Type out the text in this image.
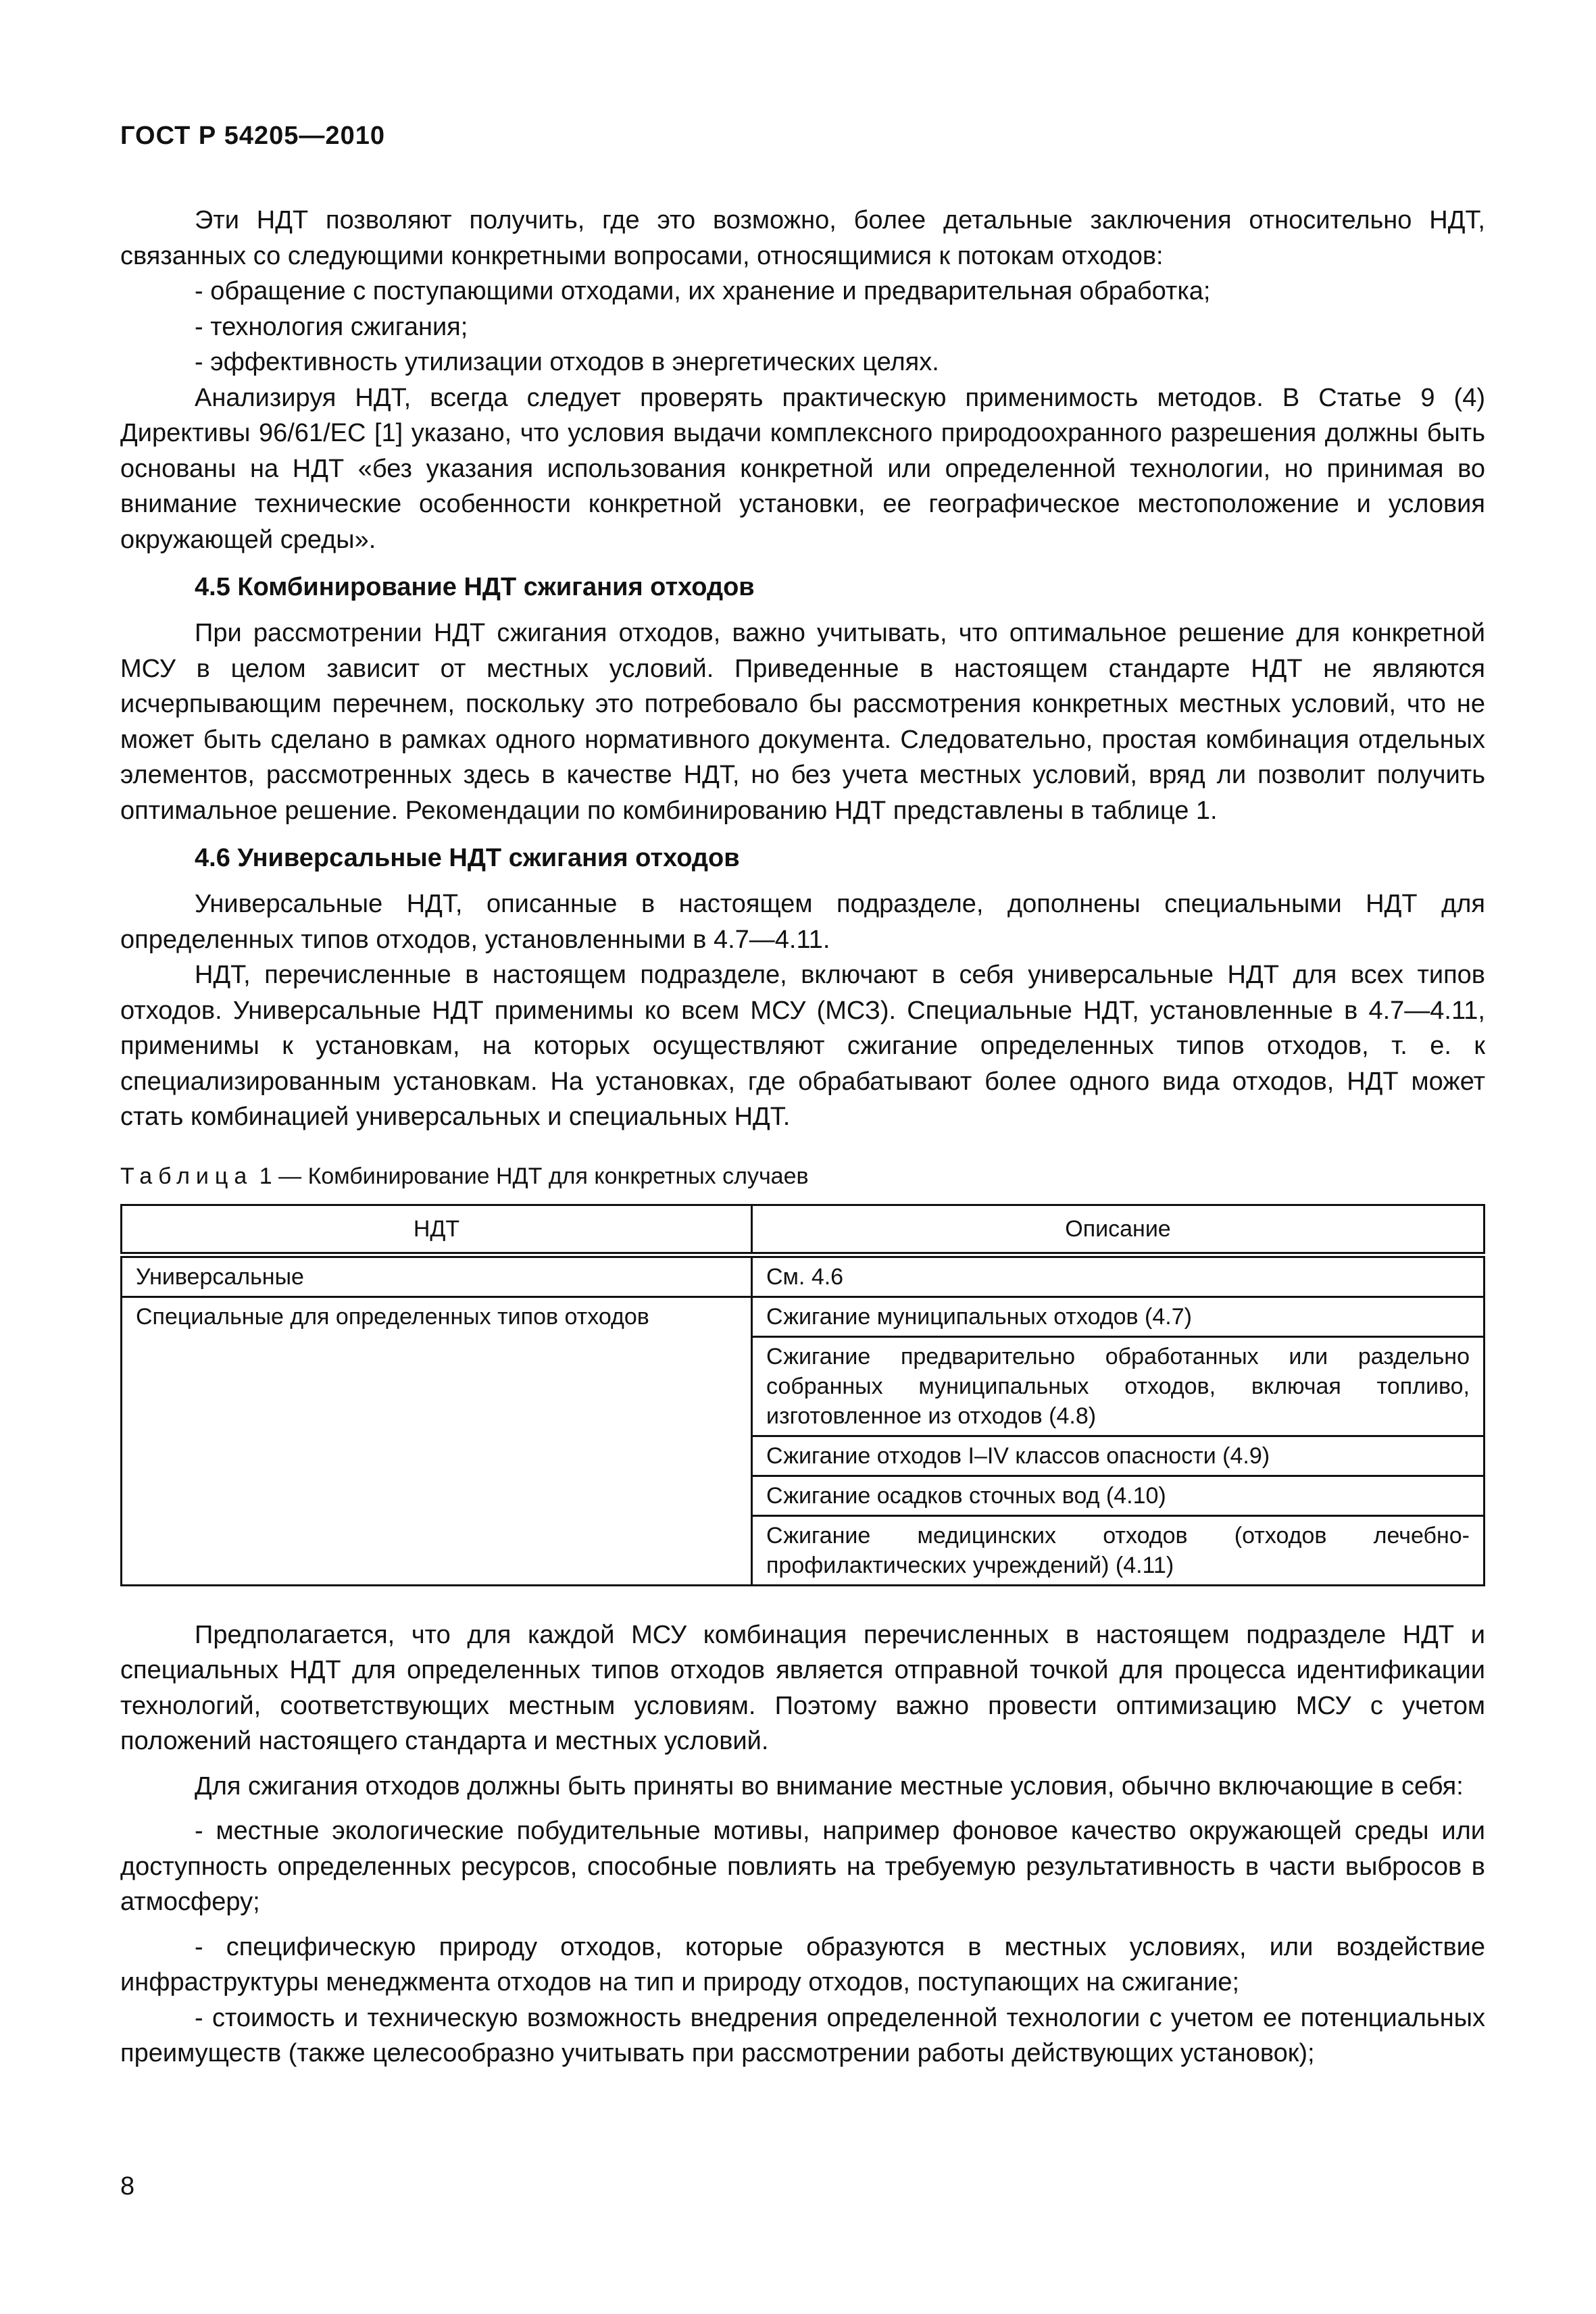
ГОСТ Р 54205—2010

Эти НДТ позволяют получить, где это возможно, более детальные заключения относительно НДТ, связанных со следующими конкретными вопросами, относящимися к потокам отходов:

- обращение с поступающими отходами, их хранение и предварительная обработка;

- технология сжигания;

- эффективность утилизации отходов в энергетических целях.

Анализируя НДТ, всегда следует проверять практическую применимость методов. В Статье 9 (4) Директивы 96/61/ЕС [1] указано, что условия выдачи комплексного природоохранного разрешения должны быть основаны на НДТ «без указания использования конкретной или определенной технологии, но принимая во внимание технические особенности конкретной установки, ее географическое местоположение и условия окружающей среды».

4.5 Комбинирование НДТ сжигания отходов

При рассмотрении НДТ сжигания отходов, важно учитывать, что оптимальное решение для конкретной МСУ в целом зависит от местных условий. Приведенные в настоящем стандарте НДТ не являются исчерпывающим перечнем, поскольку это потребовало бы рассмотрения конкретных местных условий, что не может быть сделано в рамках одного нормативного документа. Следовательно, простая комбинация отдельных элементов, рассмотренных здесь в качестве НДТ, но без учета местных условий, вряд ли позволит получить оптимальное решение. Рекомендации по комбинированию НДТ представлены в таблице 1.

4.6 Универсальные НДТ сжигания отходов

Универсальные НДТ, описанные в настоящем подразделе, дополнены специальными НДТ для определенных типов отходов, установленными в 4.7—4.11.

НДТ, перечисленные в настоящем подразделе, включают в себя универсальные НДТ для всех типов отходов. Универсальные НДТ применимы ко всем МСУ (МСЗ). Специальные НДТ, установленные в 4.7—4.11, применимы к установкам, на которых осуществляют сжигание определенных типов отходов, т. е. к специализированным установкам. На установках, где обрабатывают более одного вида отходов, НДТ может стать комбинацией универсальных и специальных НДТ.

Таблица 1 — Комбинирование НДТ для конкретных случаев
НДТ	Описание
Универсальные	См. 4.6
Специальные для определенных типов отходов	Сжигание муниципальных отходов (4.7)
	Сжигание предварительно обработанных или раздельно собранных муниципальных отходов, включая топливо, изготовленное из отходов (4.8)
	Сжигание отходов I–IV классов опасности (4.9)
	Сжигание осадков сточных вод (4.10)
	Сжигание медицинских отходов (отходов лечебно-профилактических учреждений) (4.11)

Предполагается, что для каждой МСУ комбинация перечисленных в настоящем подразделе НДТ и специальных НДТ для определенных типов отходов является отправной точкой для процесса идентификации технологий, соответствующих местным условиям. Поэтому важно провести оптимизацию МСУ с учетом положений настоящего стандарта и местных условий.

Для сжигания отходов должны быть приняты во внимание местные условия, обычно включающие в себя:

- местные экологические побудительные мотивы, например фоновое качество окружающей среды или доступность определенных ресурсов, способные повлиять на требуемую результативность в части выбросов в атмосферу;

- специфическую природу отходов, которые образуются в местных условиях, или воздействие инфраструктуры менеджмента отходов на тип и природу отходов, поступающих на сжигание;

- стоимость и техническую возможность внедрения определенной технологии с учетом ее потенциальных преимуществ (также целесообразно учитывать при рассмотрении работы действующих установок);

8
